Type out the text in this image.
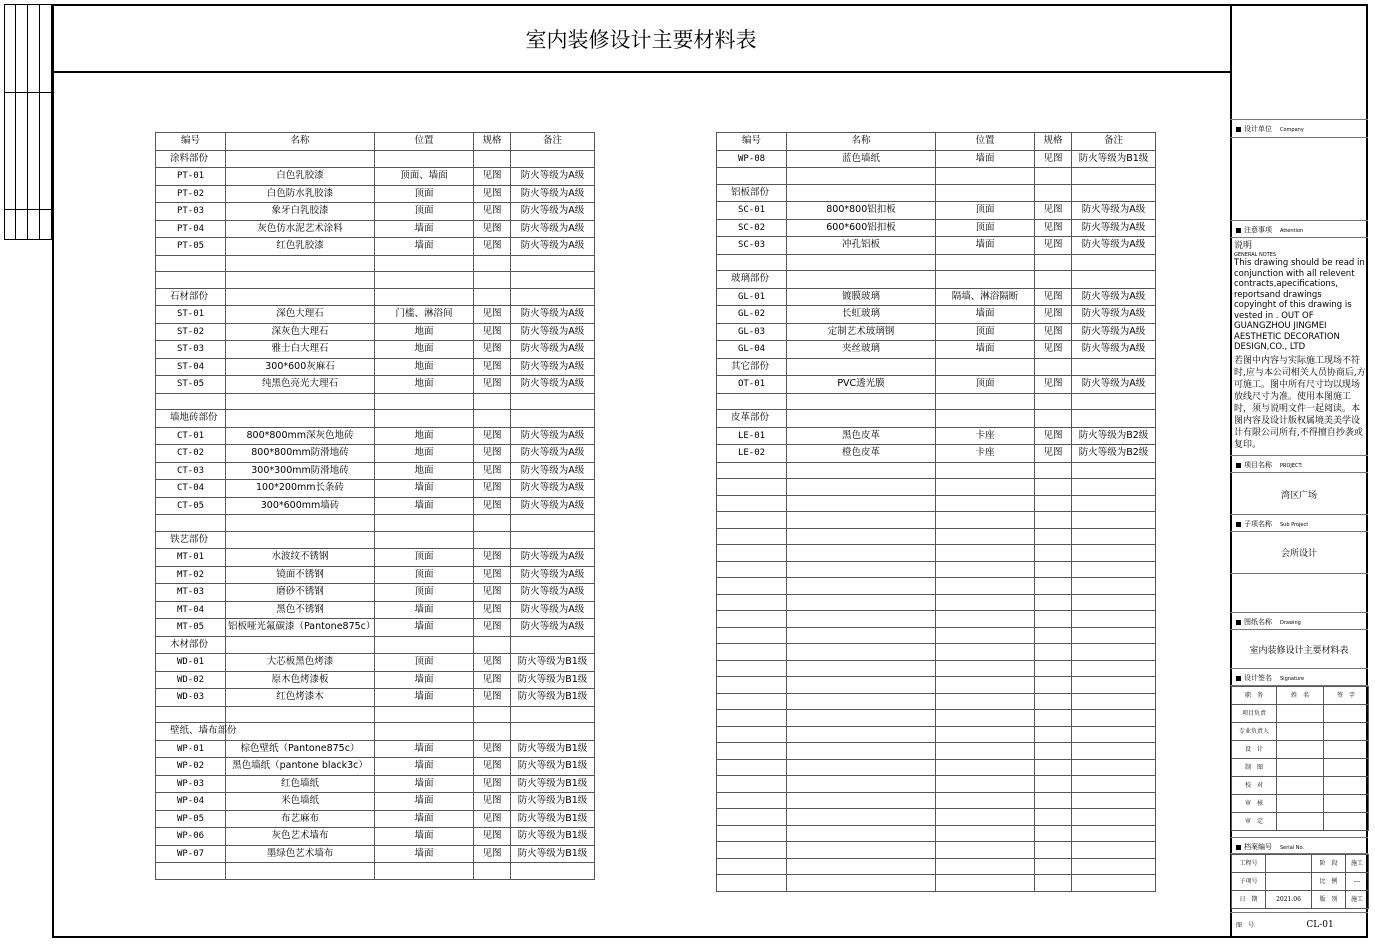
室内装修设计主要材料表
编号	名称	位置	规格	备注
涂料部份				
PT-01	白色乳胶漆	顶面、墙面	见图	防火等级为A级
PT-02	白色防水乳胶漆	顶面	见图	防火等级为A级
PT-03	象牙白乳胶漆	顶面	见图	防火等级为A级
PT-04	灰色仿水泥艺术涂料	墙面	见图	防火等级为A级
PT-05	红色乳胶漆	墙面	见图	防火等级为A级

石材部份				
ST-01	深色大理石	门槛、淋浴间	见图	防火等级为A级
ST-02	深灰色大理石	地面	见图	防火等级为A级
ST-03	雅士白大理石	地面	见图	防火等级为A级
ST-04	300*600灰麻石	地面	见图	防火等级为A级
ST-05	纯黑色亮光大理石	地面	见图	防火等级为A级

墙地砖部份				
CT-01	800*800mm深灰色地砖	地面	见图	防火等级为A级
CT-02	800*800mm防滑地砖	地面	见图	防火等级为A级
CT-03	300*300mm防滑地砖	地面	见图	防火等级为A级
CT-04	100*200mm长条砖	墙面	见图	防火等级为A级
CT-05	300*600mm墙砖	墙面	见图	防火等级为A级

铁艺部份				
MT-01	水波纹不锈钢	顶面	见图	防火等级为A级
MT-02	镜面不锈钢	顶面	见图	防火等级为A级
MT-03	磨砂不锈钢	顶面	见图	防火等级为A级
MT-04	黑色不锈钢	墙面	见图	防火等级为A级
MT-05	铝板哑光氟碳漆（Pantone875c）	墙面	见图	防火等级为A级
木材部份				
WD-01	大芯板黑色烤漆	顶面	见图	防火等级为B1级
WD-02	原木色烤漆板	墙面	见图	防火等级为B1级
WD-03	红色烤漆木	墙面	见图	防火等级为B1级

壁纸、墙布部份				
WP-01	棕色壁纸（Pantone875c）	墙面	见图	防火等级为B1级
WP-02	黑色墙纸（pantone black3c）	墙面	见图	防火等级为B1级
WP-03	红色墙纸	墙面	见图	防火等级为B1级
WP-04	米色墙纸	墙面	见图	防火等级为B1级
WP-05	布艺麻布	墙面	见图	防火等级为B1级
WP-06	灰色艺术墙布	墙面	见图	防火等级为B1级
WP-07	墨绿色艺术墙布	墙面	见图	防火等级为B1级

编号	名称	位置	规格	备注
WP-08	蓝色墙纸	墙面	见图	防火等级为B1级

铝板部份				
SC-01	800*800铝扣板	顶面	见图	防火等级为A级
SC-02	600*600铝扣板	顶面	见图	防火等级为A级
SC-03	冲孔铝板	墙面	见图	防火等级为A级

玻璃部份				
GL-01	镀膜玻璃	隔墙、淋浴隔断	见图	防火等级为A级
GL-02	长虹玻璃	墙面	见图	防火等级为A级
GL-03	定制艺术玻璃钢	顶面	见图	防火等级为A级
GL-04	夹丝玻璃	墙面	见图	防火等级为A级
其它部份				
OT-01	PVC透光膜	顶面	见图	防火等级为A级

皮革部份				
LE-01	黑色皮革	卡座	见图	防火等级为B2级
LE-02	橙色皮革	卡座	见图	防火等级为B2级

设计单位 Company
注意事项 Attention
说明
GENERAL NOTES
This drawing should be read in conjunction with all relevent contracts,apecifications, reportsand drawings copyinght of this drawing is vested in . OUT OF GUANGZHOU JINGMEI AESTHETIC DECORATION DESIGN,CO., LTD
若图中内容与实际施工现场不符时,应与本公司相关人员协商后,方可施工。图中所有尺寸均以现场放线尺寸为准。使用本图施工时，须与说明文件一起阅读。本图内容及设计版权属境美美学设计有限公司所有,不得擅自抄袭或复印。
项目名称 PROJECT:
湾区广场
子项名称 Sub Project
会所设计
图纸名称 Drawing
室内装修设计主要材料表
设计签名 Signature
职　务	姓　名	签　字
项目负责		
专业负责人		
设　计		
制　图		
校　对		
审　核		
审　定		
档案编号 Serial No.
工程号		阶　段	施工
子项号		比　例	---
日　期	2021.06	版　别	施工
图　号	CL-01
